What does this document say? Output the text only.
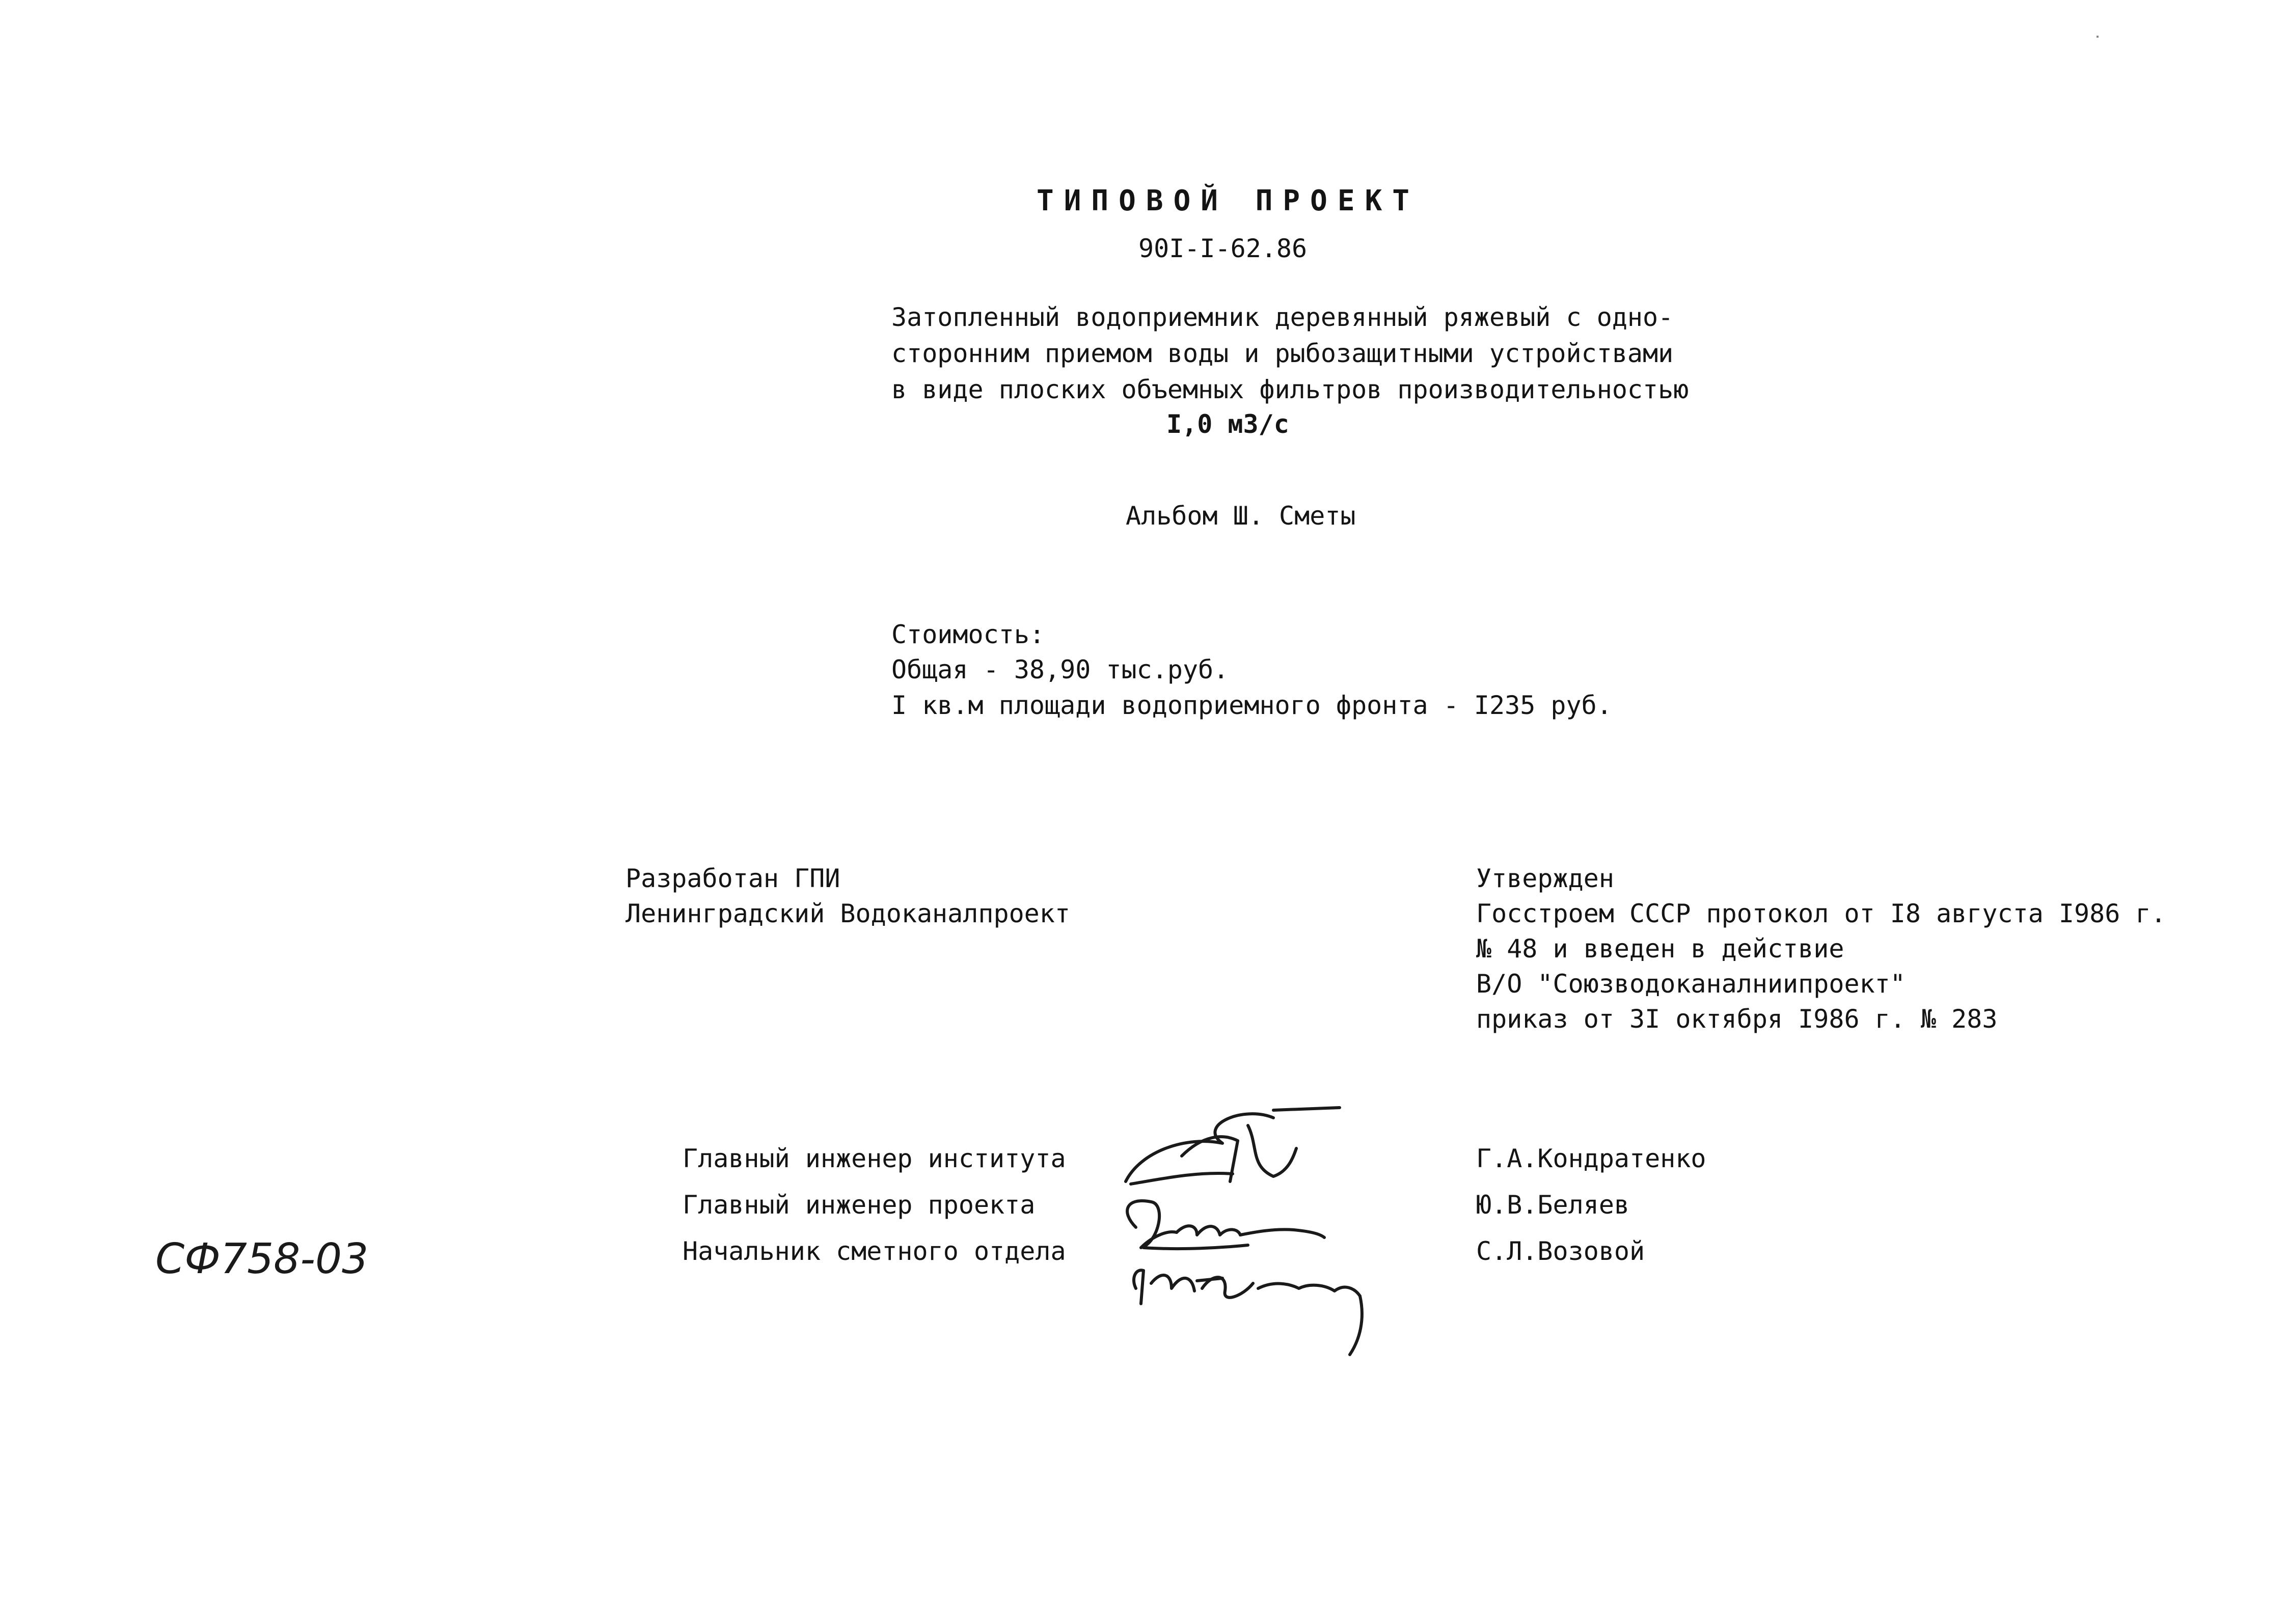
ТИПОВОЙ ПРОЕКТ
90I-I-62.86
Затопленный водоприемник деревянный ряжевый с одно-
сторонним приемом воды и рыбозащитными устройствами
в виде плоских объемных фильтров производительностью
I,0 м3/с
Альбом Ш. Сметы
Стоимость:
Общая - 38,90 тыс.руб.
I кв.м площади водоприемного фронта - I235 руб.
Разработан ГПИ
Ленинградский Водоканалпроект
Утвержден
Госстроем СССР протокол от I8 августа I986 г.
№ 48 и введен в действие
В/О "Союзводоканалниипроект"
приказ от 3I октября I986 г. № 283
Главный инженер института
Главный инженер проекта
Начальник сметного отдела
Г.А.Кондратенко
Ю.В.Беляев
С.Л.Возовой
СФ758-03
